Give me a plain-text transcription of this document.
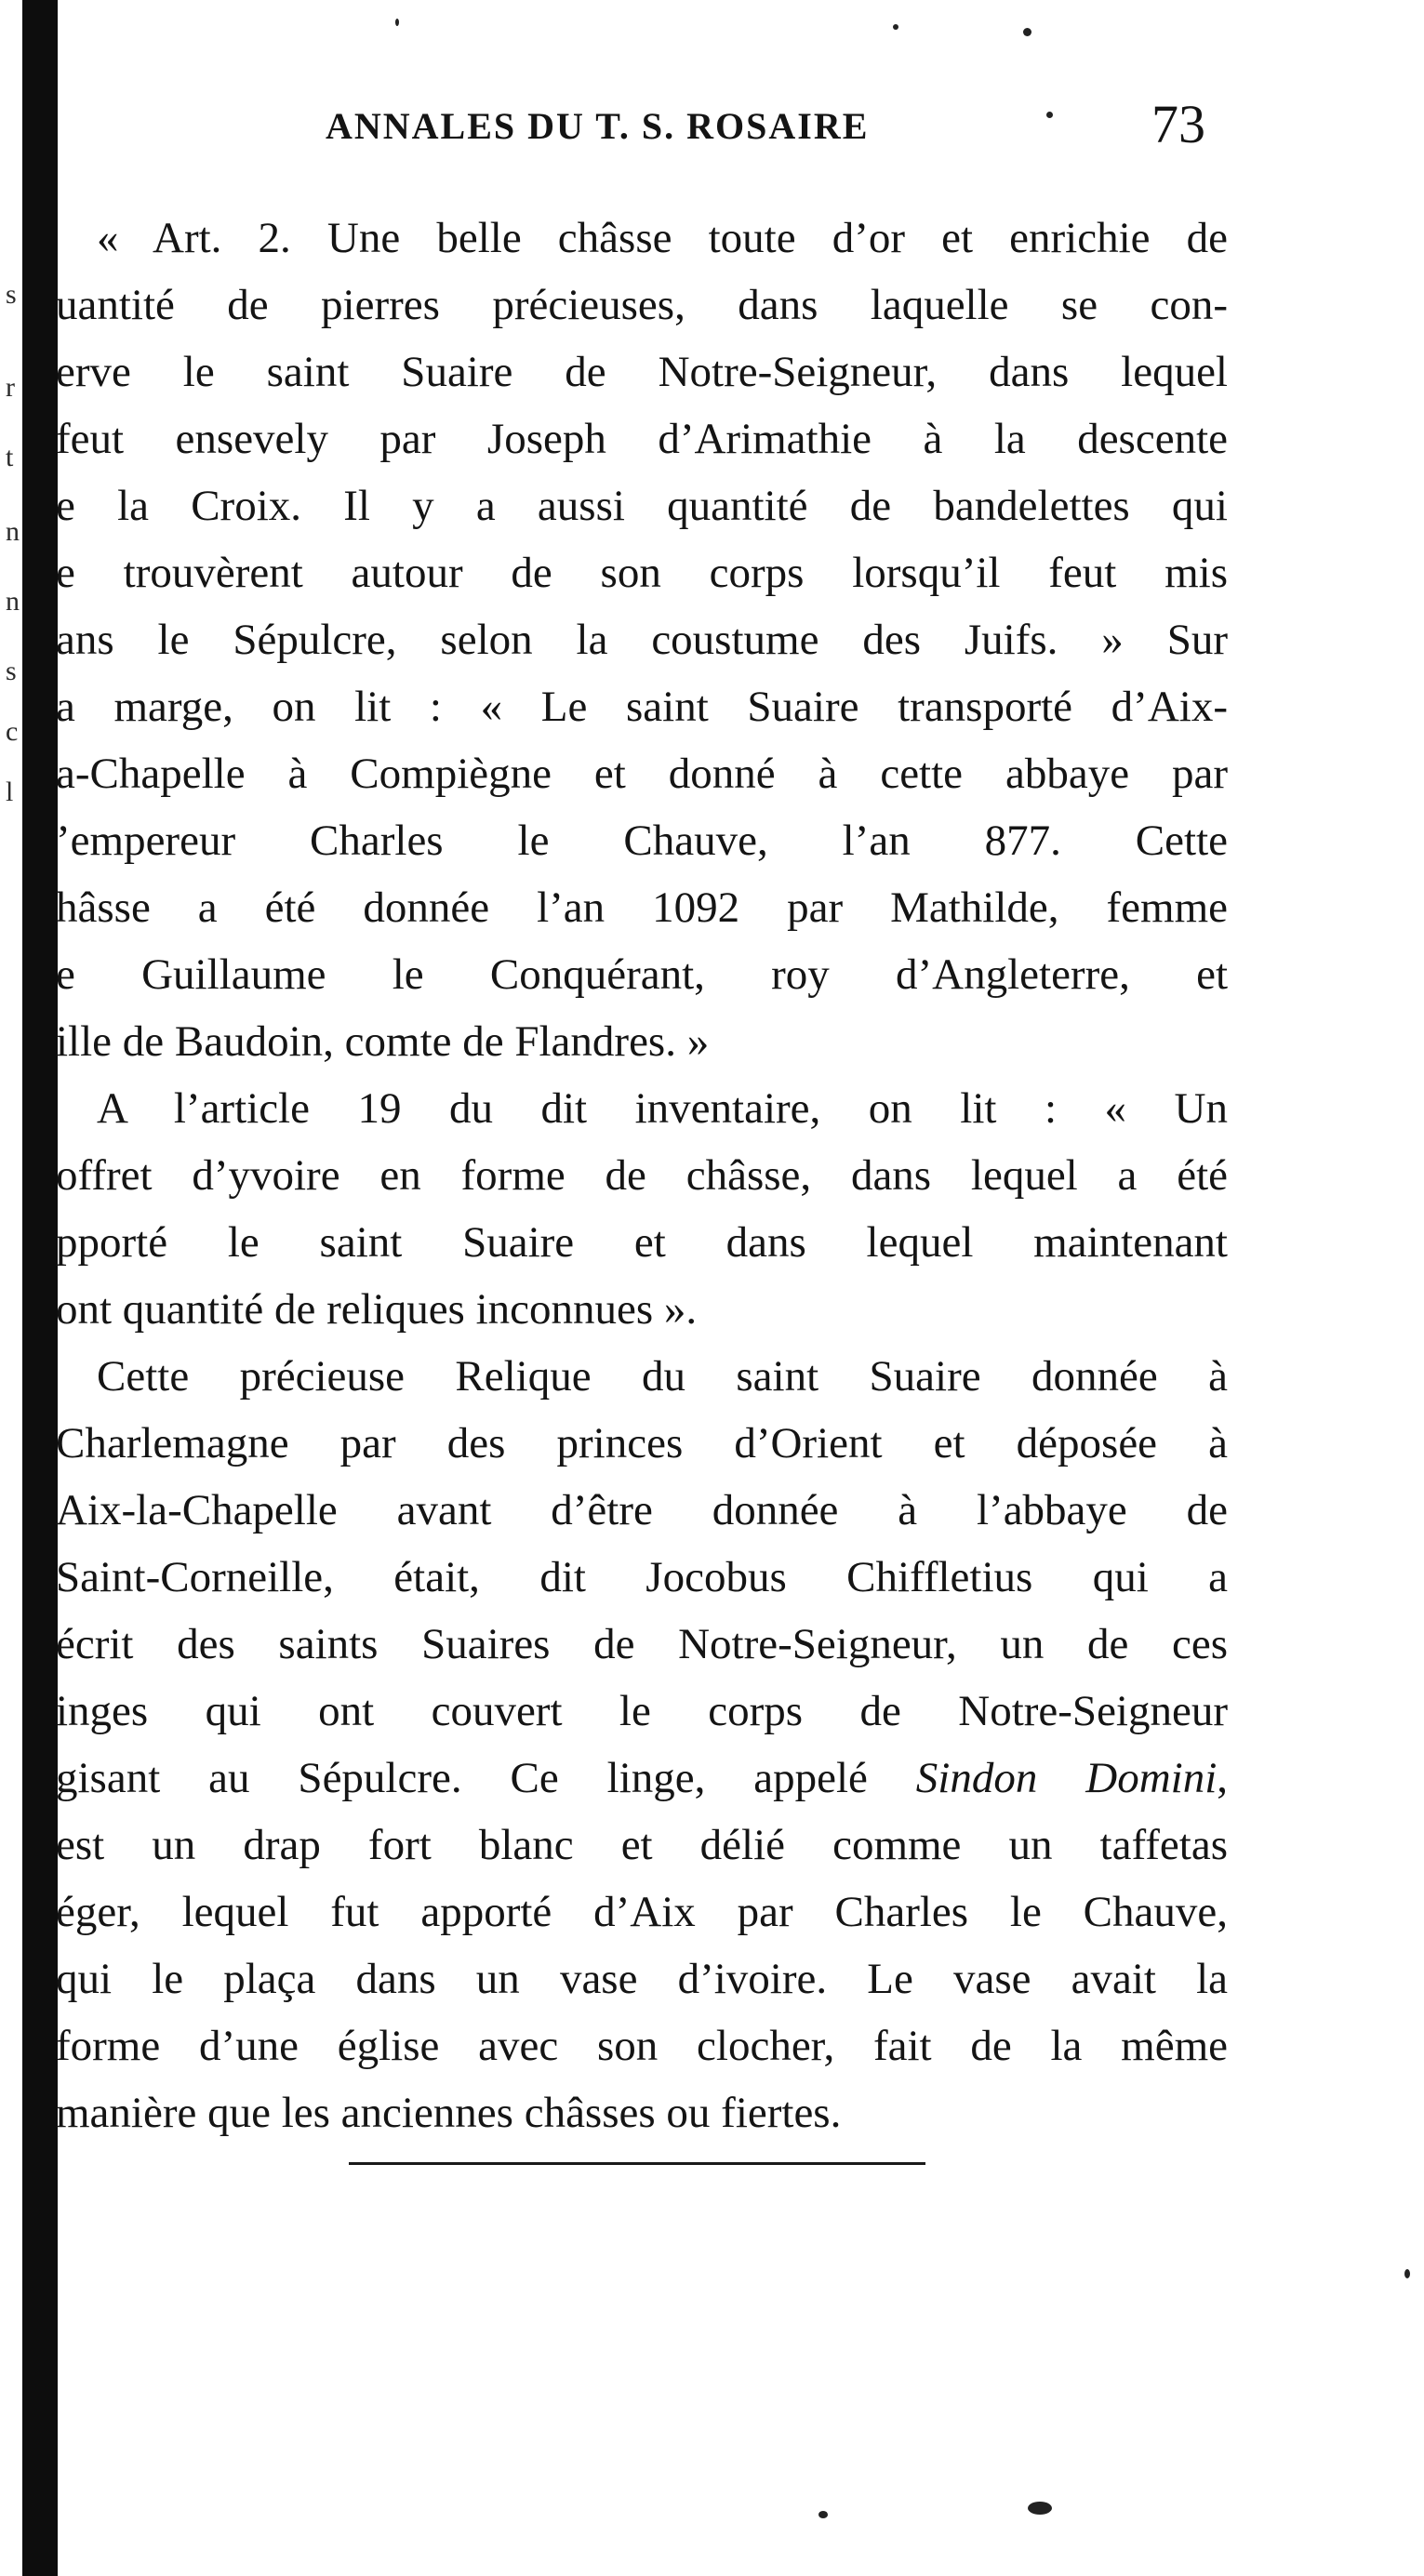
s
r
t
n
n
s
c
l
ANNALES DU T. S. ROSAIRE	73
« Art. 2. Une belle châsse toute d’or et enrichie de
uantité de pierres précieuses, dans laquelle se con-
erve le saint Suaire de Notre-Seigneur, dans lequel
feut ensevely par Joseph d’Arimathie à la descente
e la Croix. Il y a aussi quantité de bandelettes qui
e trouvèrent autour de son corps lorsqu’il feut mis
ans le Sépulcre, selon la coustume des Juifs. » Sur
a marge, on lit : « Le saint Suaire transporté d’Aix-
a-Chapelle à Compiègne et donné à cette abbaye par
’empereur Charles le Chauve, l’an 877. Cette
hâsse a été donnée l’an 1092 par Mathilde, femme
e Guillaume le Conquérant, roy d’Angleterre, et
ille de Baudoin, comte de Flandres. »
A l’article 19 du dit inventaire, on lit : « Un
offret d’yvoire en forme de châsse, dans lequel a été
pporté le saint Suaire et dans lequel maintenant
ont quantité de reliques inconnues ».
Cette précieuse Relique du saint Suaire donnée à
Charlemagne par des princes d’Orient et déposée à
Aix-la-Chapelle avant d’être donnée à l’abbaye de
Saint-Corneille, était, dit Jocobus Chiffletius qui a
écrit des saints Suaires de Notre-Seigneur, un de ces
inges qui ont couvert le corps de Notre-Seigneur
gisant au Sépulcre. Ce linge, appelé Sindon Domini,
est un drap fort blanc et délié comme un taffetas
éger, lequel fut apporté d’Aix par Charles le Chauve,
qui le plaça dans un vase d’ivoire. Le vase avait la
forme d’une église avec son clocher, fait de la même
manière que les anciennes châsses ou fiertes.
